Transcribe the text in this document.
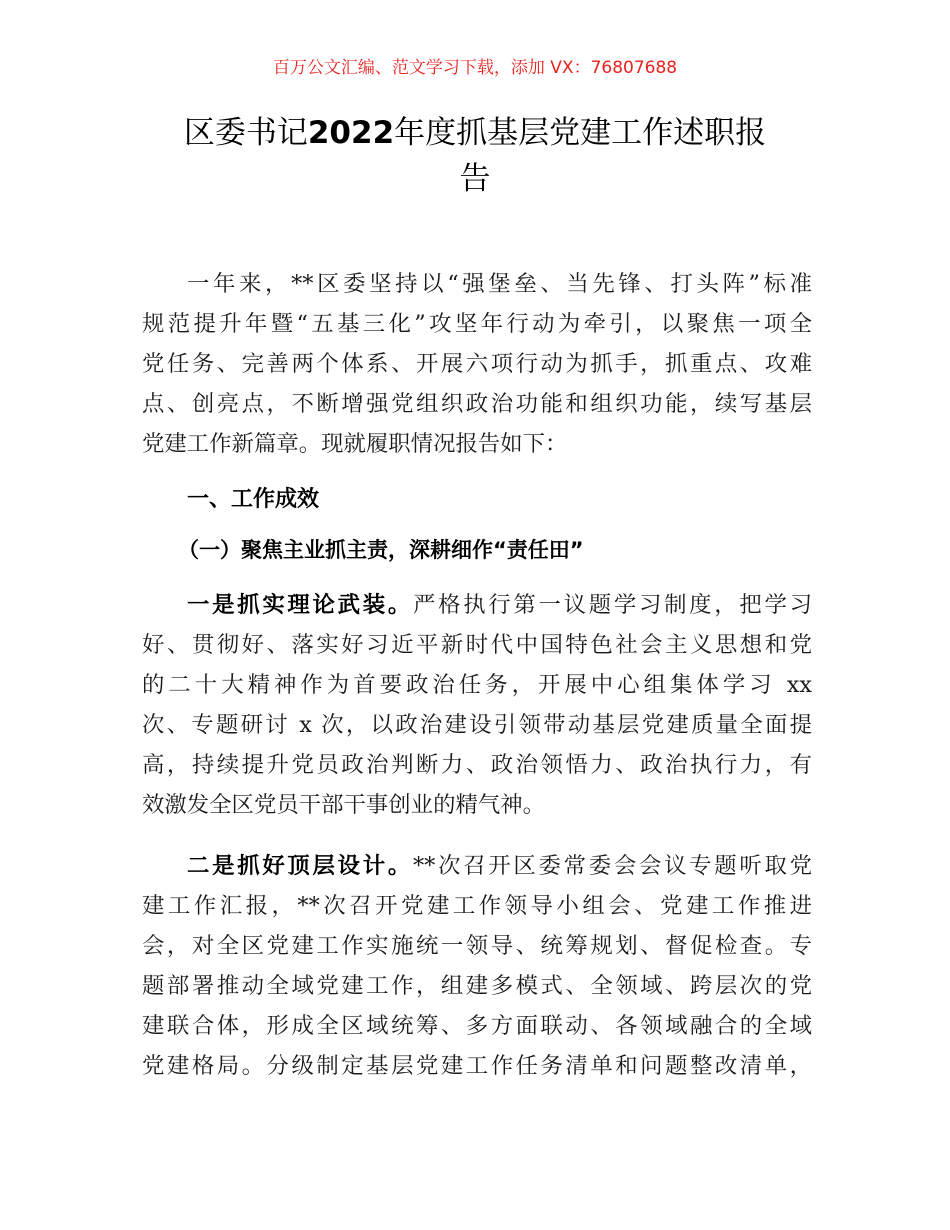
百万公文汇编、范文学习下载，添加 VX：76807688
区委书记2022年度抓基层党建工作述职报
告
一年来，**区委坚持以“强堡垒、当先锋、打头阵”标准
规范提升年暨“五基三化”攻坚年行动为牵引，以聚焦一项全
党任务、完善两个体系、开展六项行动为抓手，抓重点、攻难
点、创亮点，不断增强党组织政治功能和组织功能，续写基层
党建工作新篇章。现就履职情况报告如下：
一、工作成效
（一）聚焦主业抓主责，深耕细作“责任田”
一是抓实理论武装。严格执行第一议题学习制度，把学习
好、贯彻好、落实好习近平新时代中国特色社会主义思想和党
的二十大精神作为首要政治任务，开展中心组集体学习 xx
次、专题研讨 x 次，以政治建设引领带动基层党建质量全面提
高，持续提升党员政治判断力、政治领悟力、政治执行力，有
效激发全区党员干部干事创业的精气神。
二是抓好顶层设计。**次召开区委常委会会议专题听取党
建工作汇报，**次召开党建工作领导小组会、党建工作推进
会，对全区党建工作实施统一领导、统筹规划、督促检查。专
题部署推动全域党建工作，组建多模式、全领域、跨层次的党
建联合体，形成全区域统筹、多方面联动、各领域融合的全域
党建格局。分级制定基层党建工作任务清单和问题整改清单，
